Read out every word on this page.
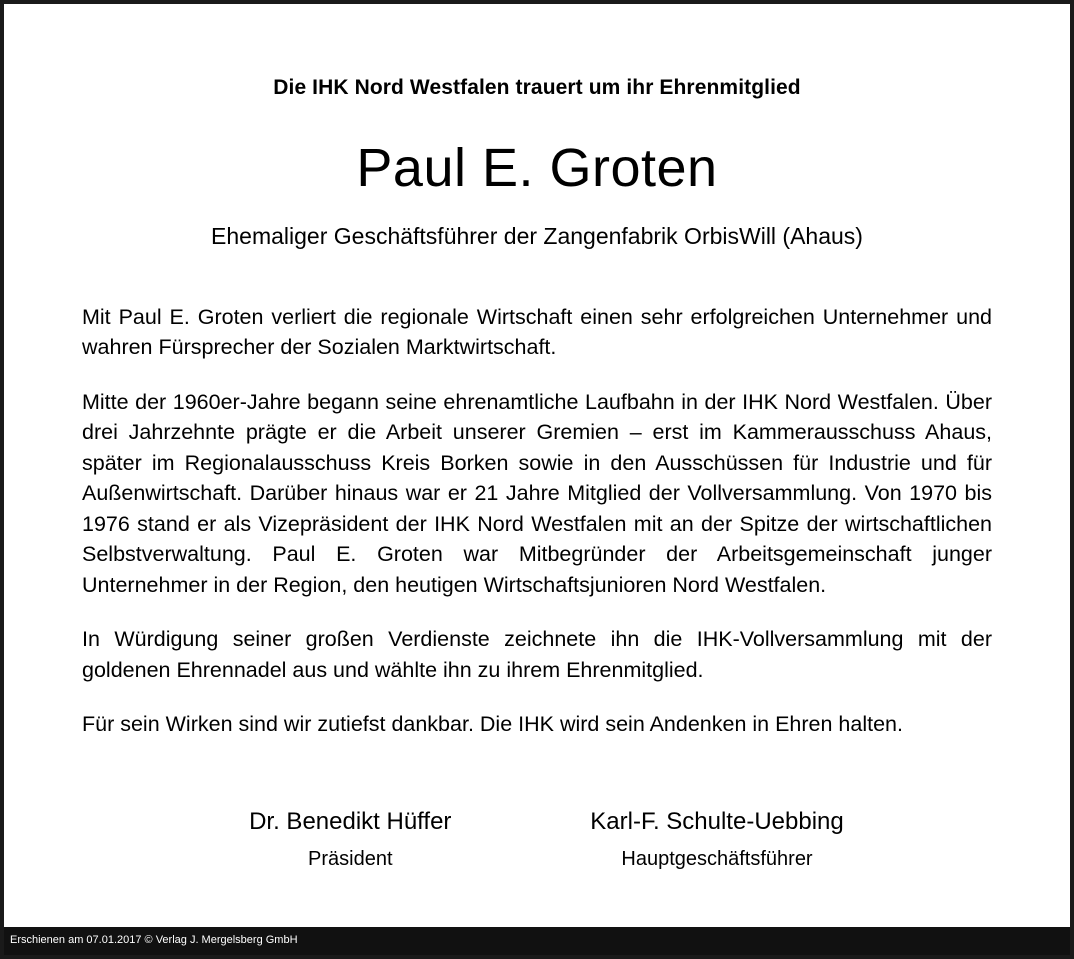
Die IHK Nord Westfalen trauert um ihr Ehrenmitglied
Paul E. Groten
Ehemaliger Geschäftsführer der Zangenfabrik OrbisWill (Ahaus)

Mit Paul E. Groten verliert die regionale Wirtschaft einen sehr erfolgreichen Unternehmer und wahren Fürsprecher der Sozialen Marktwirtschaft.

Mitte der 1960er-Jahre begann seine ehrenamtliche Laufbahn in der IHK Nord Westfalen. Über drei Jahrzehnte prägte er die Arbeit unserer Gremien – erst im Kammerausschuss Ahaus, später im Regionalausschuss Kreis Borken sowie in den Ausschüssen für Industrie und für Außenwirtschaft. Darüber hinaus war er 21 Jahre Mitglied der Vollversammlung. Von 1970 bis 1976 stand er als Vizepräsident der IHK Nord Westfalen mit an der Spitze der wirtschaftlichen Selbstverwaltung. Paul E. Groten war Mitbegründer der Arbeitsgemeinschaft junger Unternehmer in der Region, den heutigen Wirtschaftsjunioren Nord Westfalen.

In Würdigung seiner großen Verdienste zeichnete ihn die IHK-Vollversammlung mit der goldenen Ehrennadel aus und wählte ihn zu ihrem Ehrenmitglied.

Für sein Wirken sind wir zutiefst dankbar. Die IHK wird sein Andenken in Ehren halten.

Dr. Benedikt Hüffer
Präsident
Karl-F. Schulte-Uebbing
Hauptgeschäftsführer
Erschienen am 07.01.2017 © Verlag J. Mergelsberg GmbH
